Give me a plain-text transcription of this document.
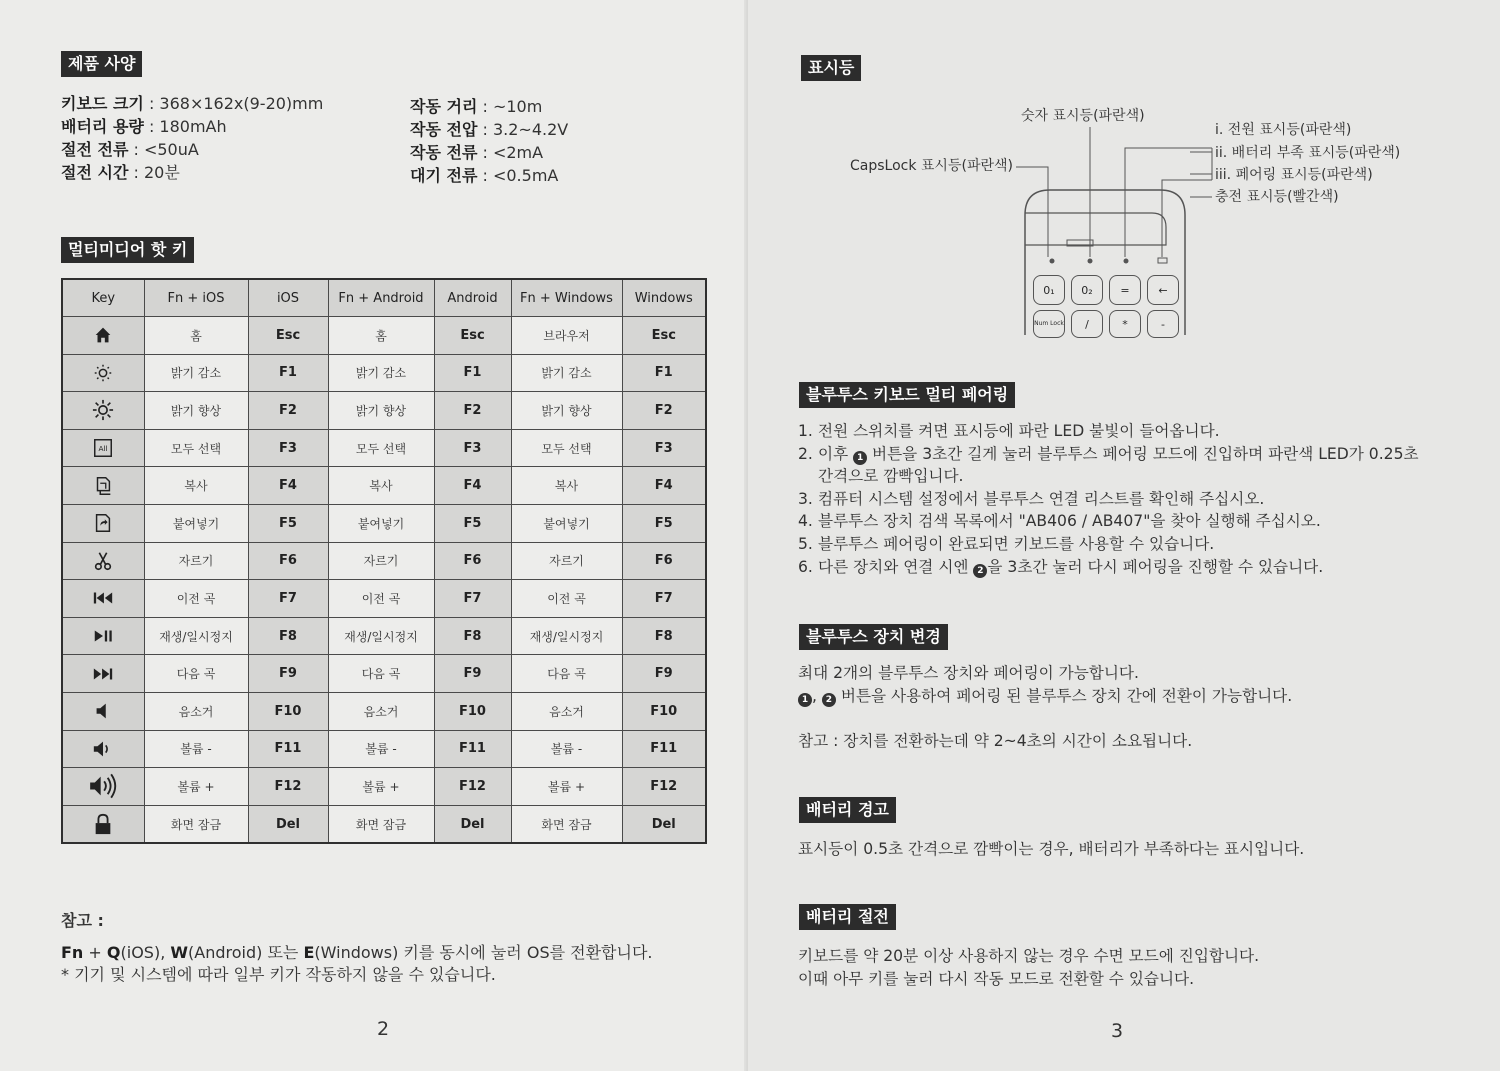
제품 사양
키보드 크기 : 368×162x(9-20)mm
배터리 용량 : 180mAh
절전 전류 : <50uA
절전 시간 : 20분
작동 거리 : ~10m
작동 전압 : 3.2~4.2V
작동 전류 : <2mA
대기 전류 : <0.5mA
멀티미디어 핫 키
Key	Fn + iOS	iOS	Fn + Android	Android	Fn + Windows	Windows

	홈	Esc	홈	Esc	브라우저	Esc

	밝기 감소	F1	밝기 감소	F1	밝기 감소	F1

	밝기 향상	F2	밝기 향상	F2	밝기 향상	F2

All	모두 선택	F3	모두 선택	F3	모두 선택	F3

	복사	F4	복사	F4	복사	F4

	붙여넣기	F5	붙여넣기	F5	붙여넣기	F5

	자르기	F6	자르기	F6	자르기	F6

	이전 곡	F7	이전 곡	F7	이전 곡	F7

	재생/일시정지	F8	재생/일시정지	F8	재생/일시정지	F8

	다음 곡	F9	다음 곡	F9	다음 곡	F9

	음소거	F10	음소거	F10	음소거	F10

	볼륨 -	F11	볼륨 -	F11	볼륨 -	F11

	볼륨 +	F12	볼륨 +	F12	볼륨 +	F12

	화면 잠금	Del	화면 잠금	Del	화면 잠금	Del
참고 :
Fn + Q(iOS), W(Android) 또는 E(Windows) 키를 동시에 눌러 OS를 전환합니다.
* 기기 및 시스템에 따라 일부 키가 작동하지 않을 수 있습니다.
2
표시등
숫자 표시등(파란색)
CapsLock 표시등(파란색)
i. 전원 표시등(파란색)
ii. 배터리 부족 표시등(파란색)
iii. 페어링 표시등(파란색)
충전 표시등(빨간색)
0₁ 0₂	=	←
Num Lock /	*	-
블루투스 키보드 멀티 페어링
1. 전원 스위치를 켜면 표시등에 파란 LED 불빛이 들어옵니다.
2. 이후 1 버튼을 3초간 길게 눌러 블루투스 페어링 모드에 진입하며 파란색 LED가 0.25초
간격으로 깜빡입니다.
3. 컴퓨터 시스템 설정에서 블루투스 연결 리스트를 확인해 주십시오.
4. 블루투스 장치 검색 목록에서 "AB406 / AB407"을 찾아 실행해 주십시오.
5. 블루투스 페어링이 완료되면 키보드를 사용할 수 있습니다.
6. 다른 장치와 연결 시엔 2 을 3초간 눌러 다시 페어링을 진행할 수 있습니다.
블루투스 장치 변경
최대 2개의 블루투스 장치와 페어링이 가능합니다.
1 , 2 버튼을 사용하여 페어링 된 블루투스 장치 간에 전환이 가능합니다.
참고 : 장치를 전환하는데 약 2~4초의 시간이 소요됩니다.
배터리 경고
표시등이 0.5초 간격으로 깜빡이는 경우, 배터리가 부족하다는 표시입니다.
배터리 절전
키보드를 약 20분 이상 사용하지 않는 경우 수면 모드에 진입합니다.
이때 아무 키를 눌러 다시 작동 모드로 전환할 수 있습니다.
3
